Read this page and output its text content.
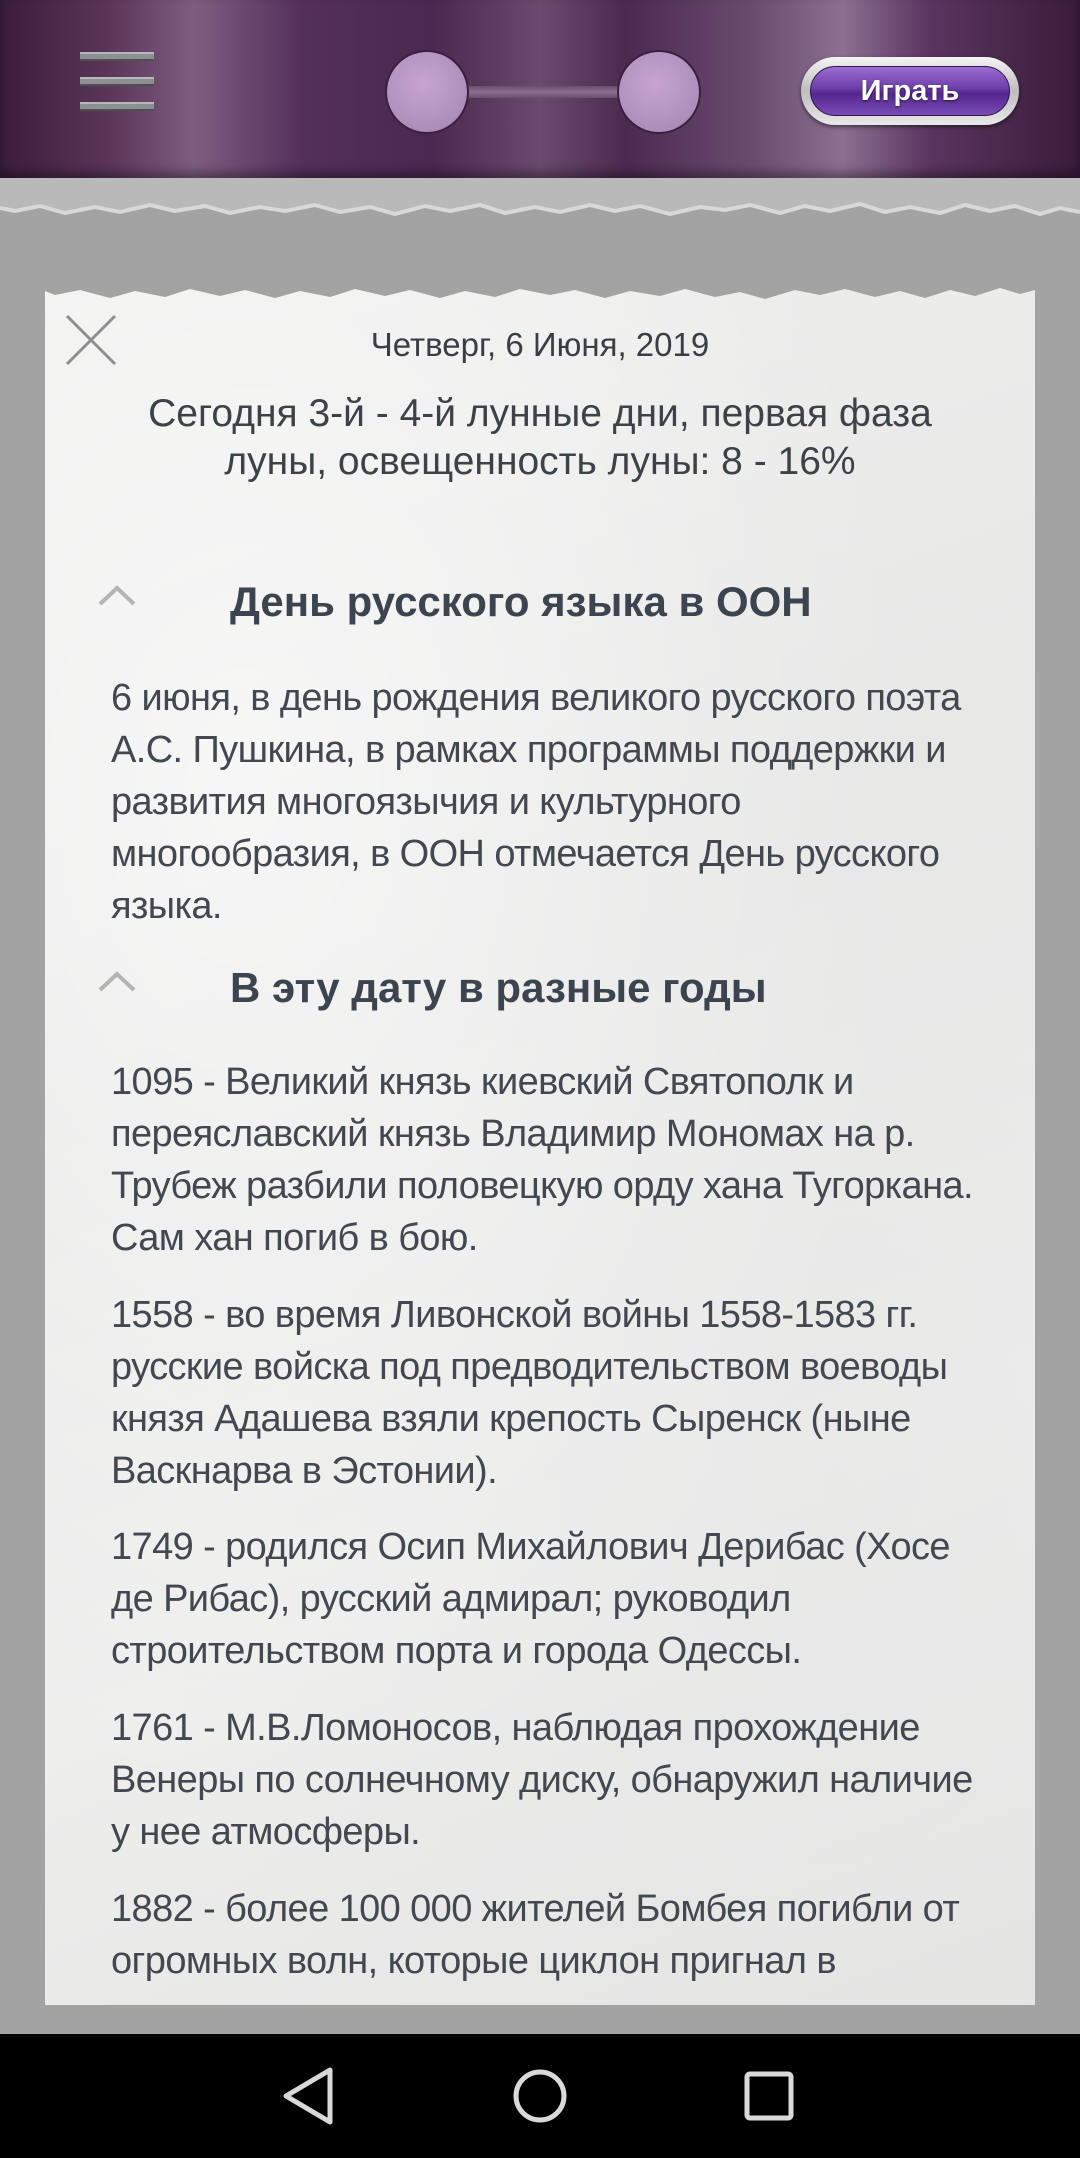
Играть
Четверг, 6 Июня, 2019
Сегодня 3-й - 4-й лунные дни, первая фаза луны, освещенность луны: 8 - 16%
День русского языка в ООН
6 июня, в день рождения великого русского поэта А.С. Пушкина, в рамках программы поддержки и развития многоязычия и культурного многообразия, в ООН отмечается День русского языка.
В эту дату в разные годы
1095 - Великий князь киевский Святополк и переяславский князь Владимир Мономах на р. Трубеж разбили половецкую орду хана Тугоркана. Сам хан погиб в бою.
1558 - во время Ливонской войны 1558-1583 гг. русские войска под предводительством воеводы князя Адашева взяли крепость Сыренск (ныне Васкнарва в Эстонии).
1749 - родился Осип Михайлович Дерибас (Хосе де Рибас), русский адмирал; руководил строительством порта и города Одессы.
1761 - М.В.Ломоносов, наблюдая прохождение Венеры по солнечному диску, обнаружил наличие у нее атмосферы.
1882 - более 100 000 жителей Бомбея погибли от огромных волн, которые циклон пригнал в
